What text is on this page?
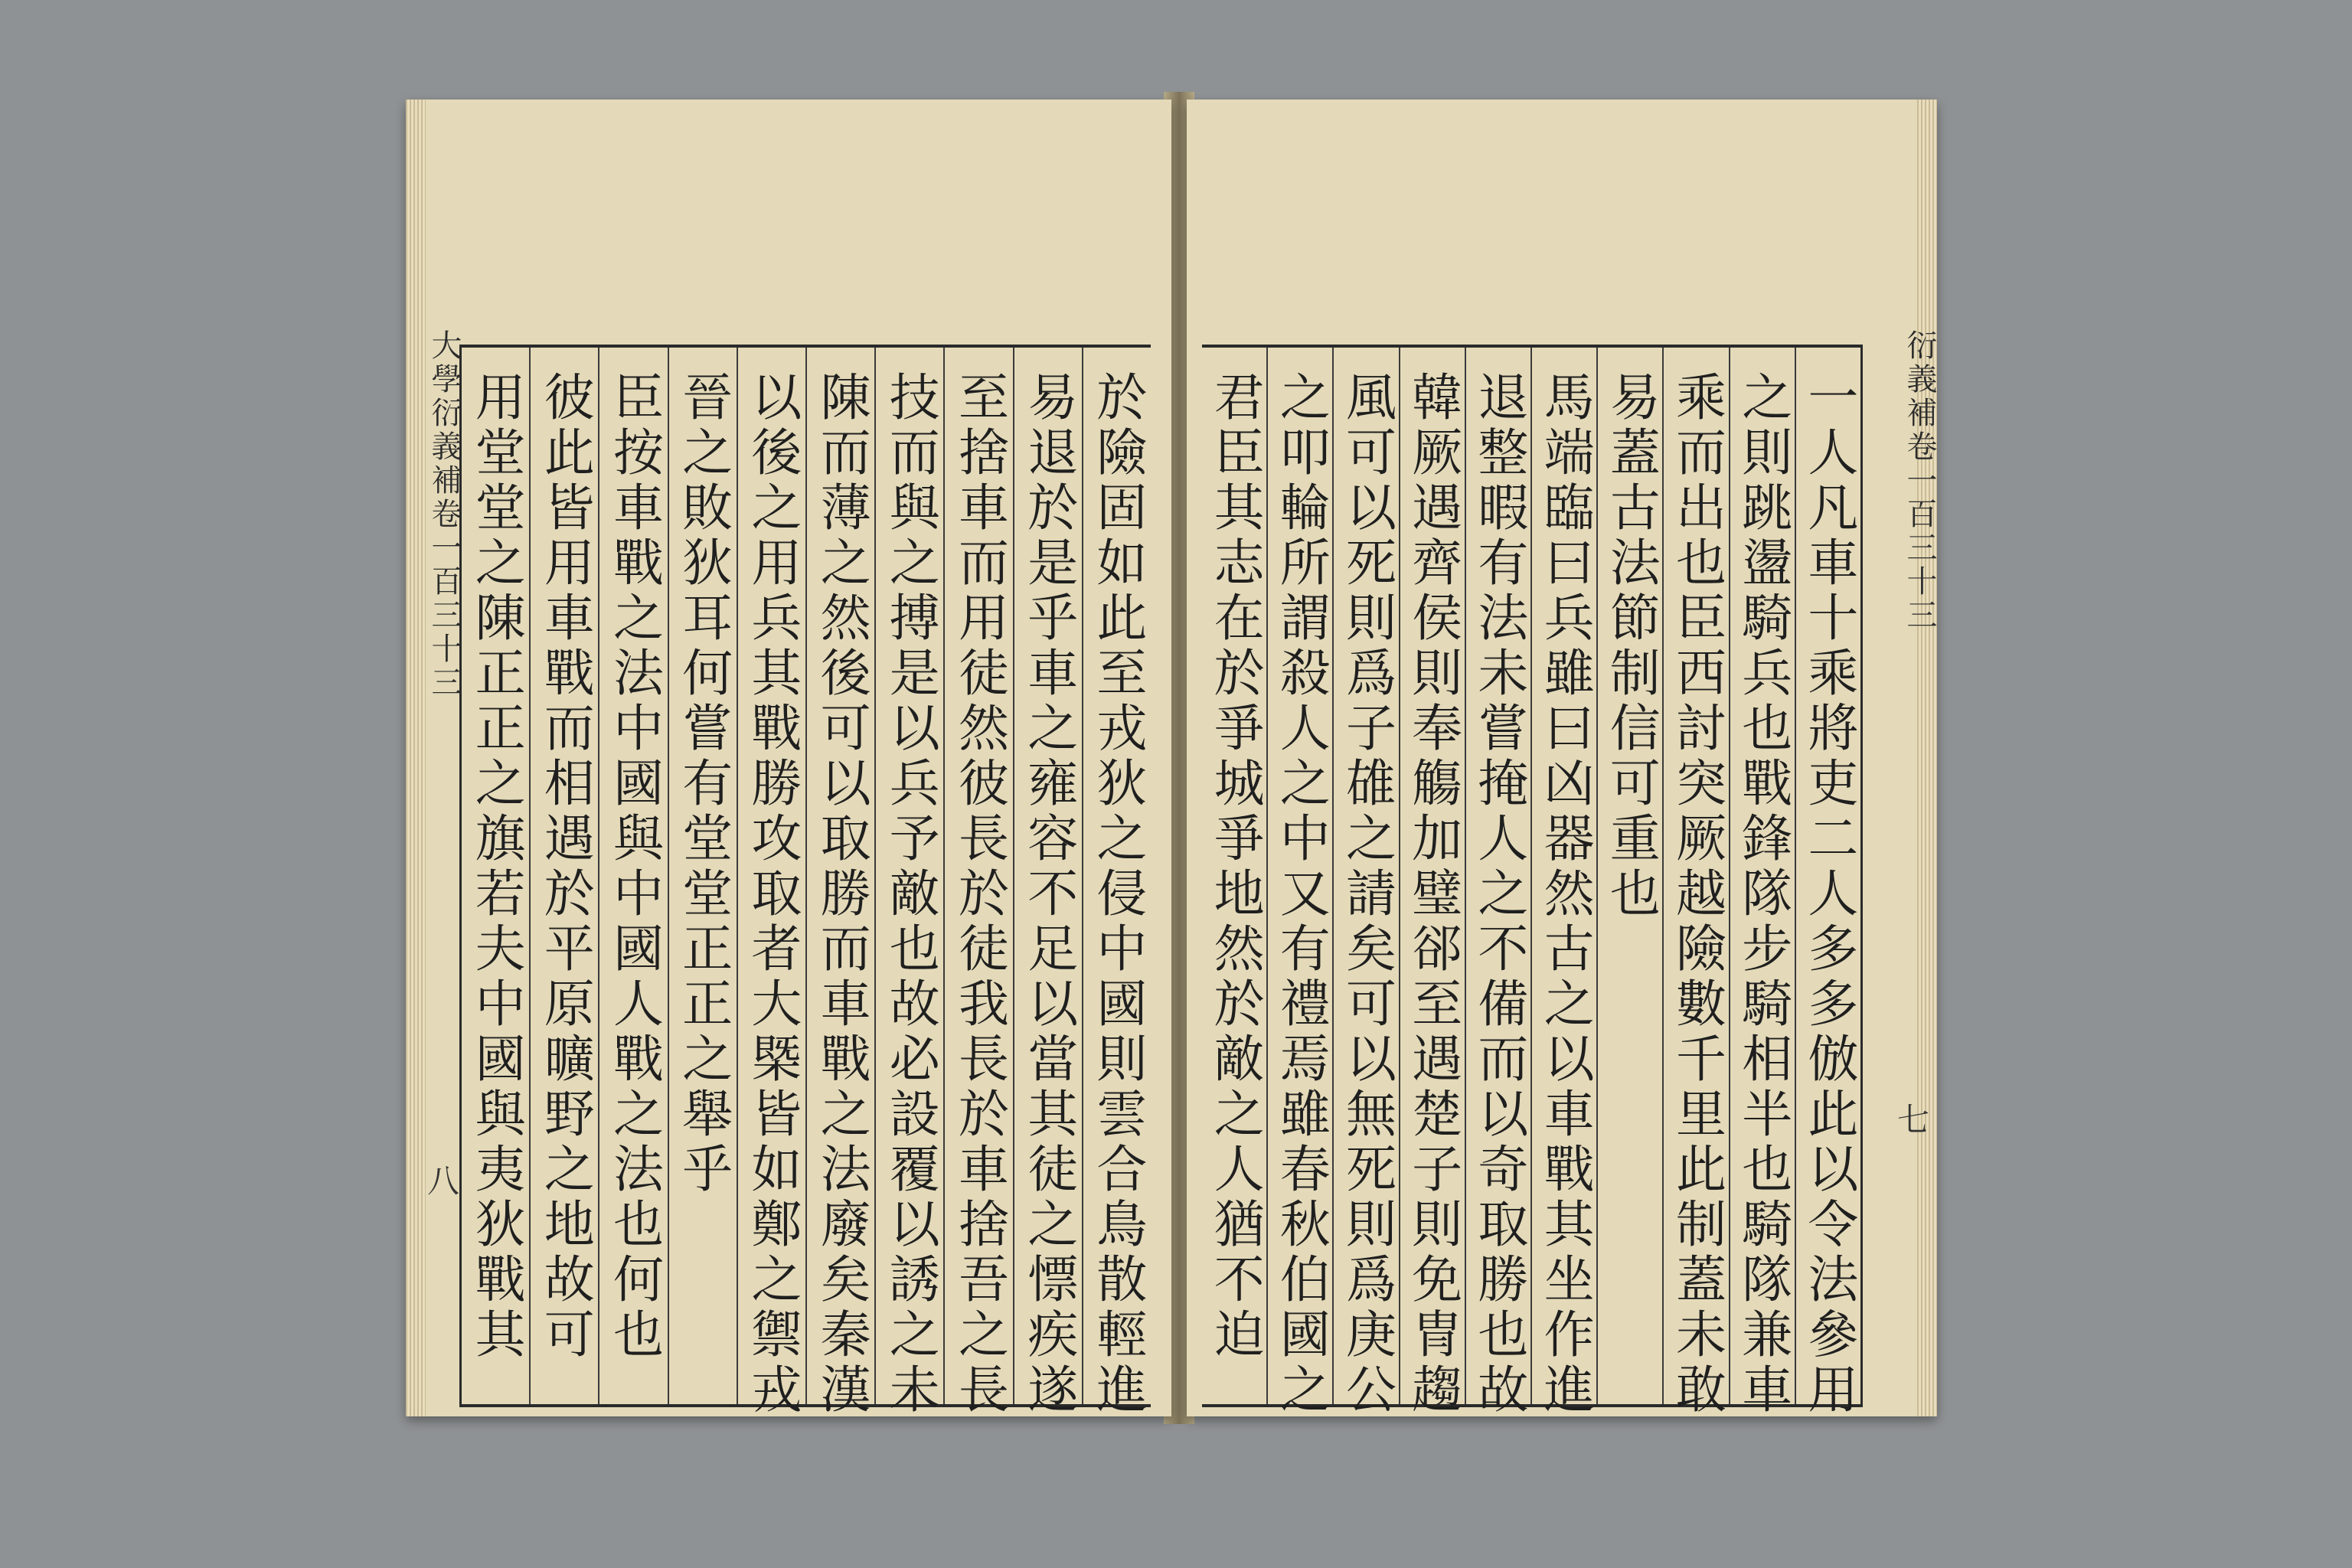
大學衍義補卷一百三十三
八	於險固如此至戎狄之侵中國則雲合鳥散輕進
易退於是乎車之雍容不足以當其徒之慓疾遂
至捨車而用徒然彼長於徒我長於車捨吾之長
技而與之搏是以兵予敵也故必設覆以誘之未
陳而薄之然後可以取勝而車戰之法廢矣秦漢
以後之用兵其戰勝攻取者大槩皆如鄭之禦戎
晉之敗狄耳何嘗有堂堂正正之舉乎
臣按車戰之法中國與中國人戰之法也何也
彼此皆用車戰而相遇於平原曠野之地故可
用堂堂之陳正正之旗若夫中國與夷狄戰其	衍義補卷一百三十三
七
一人凡車十乘將吏二人多多倣此以令法參用
之則跳盪騎兵也戰鋒隊步騎相半也騎隊兼車
乘而出也臣西討突厥越險數千里此制蓋未敢
易蓋古法節制信可重也
馬端臨曰兵雖曰凶器然古之以車戰其坐作進
退整暇有法未嘗掩人之不備而以奇取勝也故
韓厥遇齊侯則奉觴加璧郤至遇楚子則免冑趨
風可以死則爲子䧺之請矣可以無死則爲庚公
之叩輪所謂殺人之中又有禮焉雖春秋伯國之
君臣其志在於爭城爭地然於敵之人猶不迫
